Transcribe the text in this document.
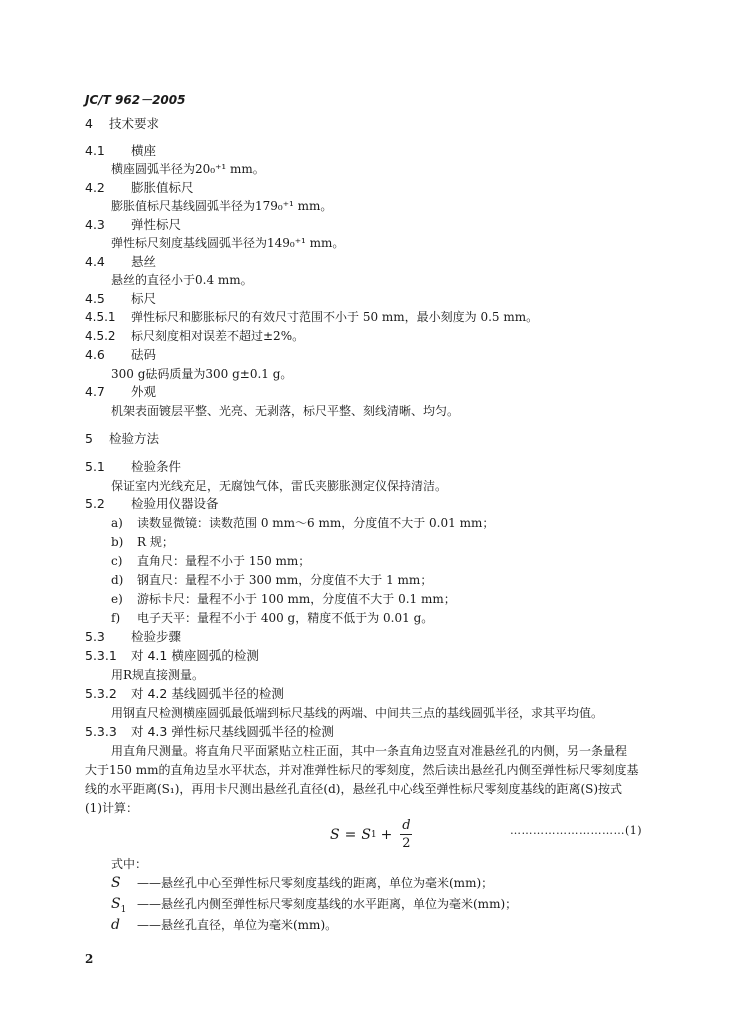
JC/T 962－2005
4 技术要求
4.1 横座
横座圆弧半径为20₀⁺¹ mm。
4.2 膨胀值标尺
膨胀值标尺基线圆弧半径为179₀⁺¹ mm。
4.3 弹性标尺
弹性标尺刻度基线圆弧半径为149₀⁺¹ mm。
4.4 悬丝
悬丝的直径小于0.4 mm。
4.5 标尺
4.5.1 弹性标尺和膨胀标尺的有效尺寸范围不小于 50 mm，最小刻度为 0.5 mm。
4.5.2 标尺刻度相对误差不超过±2%。
4.6 砝码
300 g砝码质量为300 g±0.1 g。
4.7 外观
机架表面镀层平整、光亮、无剥落，标尺平整、刻线清晰、均匀。
5 检验方法
5.1 检验条件
保证室内光线充足，无腐蚀气体，雷氏夹膨胀测定仪保持清洁。
5.2 检验用仪器设备
a) 读数显微镜：读数范围 0 mm～6 mm，分度值不大于 0.01 mm；
b) R 规；
c) 直角尺：量程不小于 150 mm；
d) 钢直尺：量程不小于 300 mm，分度值不大于 1 mm；
e) 游标卡尺：量程不小于 100 mm，分度值不大于 0.1 mm；
f) 电子天平：量程不小于 400 g，精度不低于为 0.01 g。
5.3 检验步骤
5.3.1 对 4.1 横座圆弧的检测
用R规直接测量。
5.3.2 对 4.2 基线圆弧半径的检测
用钢直尺检测横座圆弧最低端到标尺基线的两端、中间共三点的基线圆弧半径，求其平均值。
5.3.3 对 4.3 弹性标尺基线圆弧半径的检测
用直角尺测量。将直角尺平面紧贴立柱正面，其中一条直角边竖直对准悬丝孔的内侧，另一条量程
大于150 mm的直角边呈水平状态，并对准弹性标尺的零刻度，然后读出悬丝孔内侧至弹性标尺零刻度基
线的水平距离(S₁)，再用卡尺测出悬丝孔直径(d)，悬丝孔中心线至弹性标尺零刻度基线的距离(S)按式
(1)计算：
S = S $1 + \frac{d}{2}$	…………………………(1)
式中：
S ——悬丝孔中心至弹性标尺零刻度基线的距离，单位为毫米(mm)；
$S_1$ ——悬丝孔内侧至弹性标尺零刻度基线的水平距离，单位为毫米(mm)；
d ——悬丝孔直径，单位为毫米(mm)。
2
